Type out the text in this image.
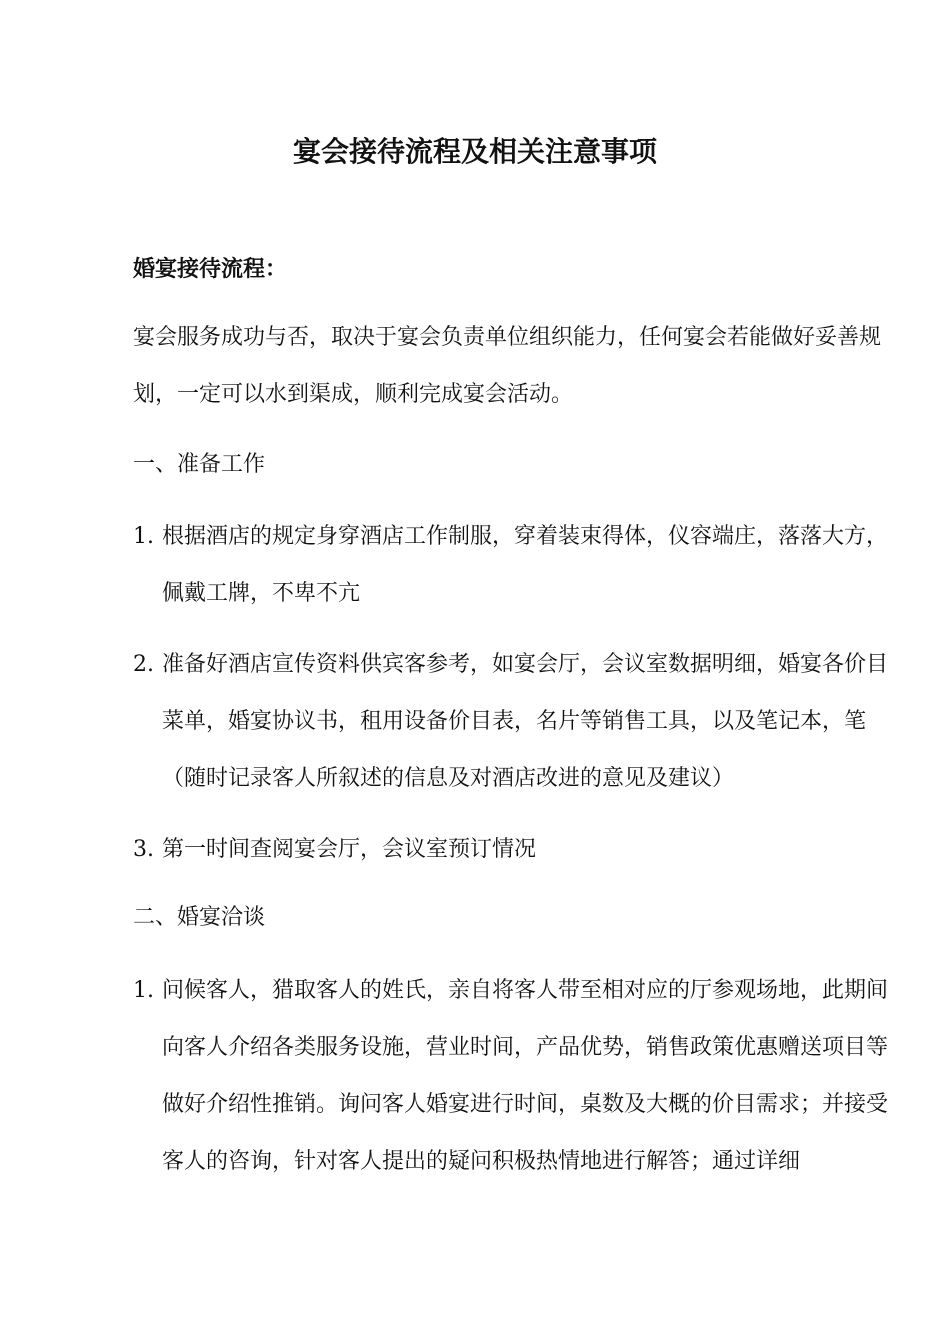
宴会接待流程及相关注意事项
婚宴接待流程：
宴会服务成功与否，取决于宴会负责单位组织能力，任何宴会若能做好妥善规划，一定可以水到渠成，顺利完成宴会活动。
一、准备工作
1. 根据酒店的规定身穿酒店工作制服，穿着装束得体，仪容端庄，落落大方，佩戴工牌，不卑不亢
2. 准备好酒店宣传资料供宾客参考，如宴会厅，会议室数据明细，婚宴各价目菜单，婚宴协议书，租用设备价目表，名片等销售工具，以及笔记本，笔（随时记录客人所叙述的信息及对酒店改进的意见及建议）
3. 第一时间查阅宴会厅，会议室预订情况
二、婚宴洽谈
1. 问候客人，猎取客人的姓氏，亲自将客人带至相对应的厅参观场地，此期间向客人介绍各类服务设施，营业时间，产品优势，销售政策优惠赠送项目等做好介绍性推销。询问客人婚宴进行时间，桌数及大概的价目需求；并接受客人的咨询，针对客人提出的疑问积极热情地进行解答；通过详细
